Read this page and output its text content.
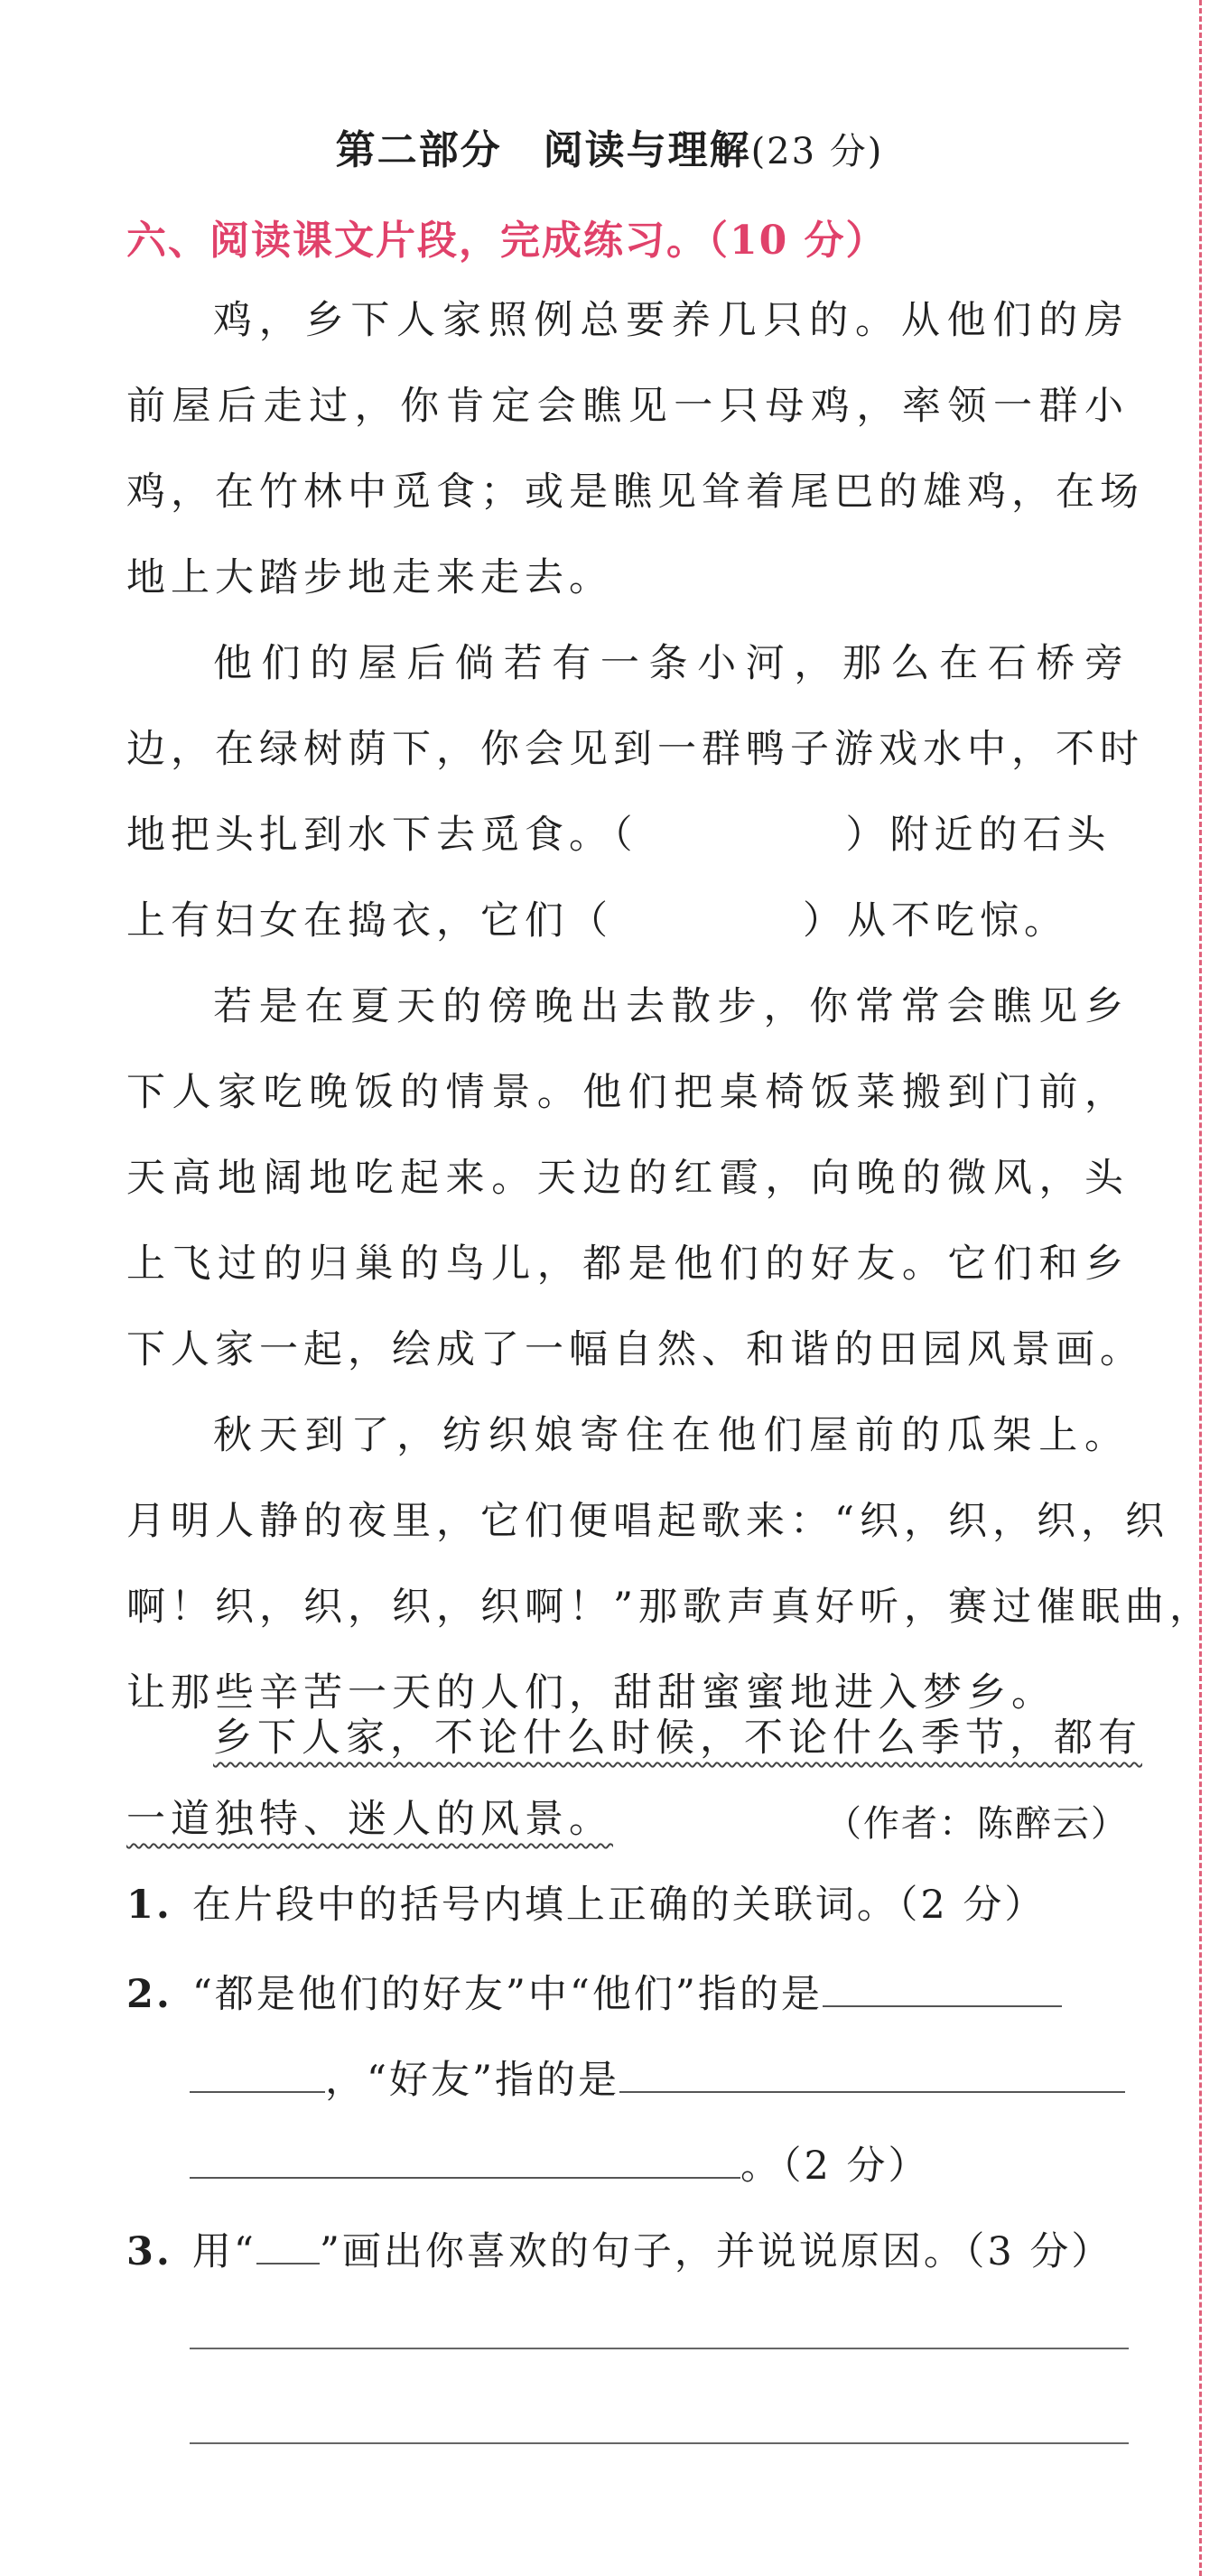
第二部分　阅读与理解(23 分)
六、阅读课文片段，完成练习。（10 分）
鸡，乡下人家照例总要养几只的。从他们的房
前屋后走过，你肯定会瞧见一只母鸡，率领一群小
鸡，在竹林中觅食；或是瞧见耸着尾巴的雄鸡，在场
地上大踏步地走来走去。
他们的屋后倘若有一条小河，那么在石桥旁
边，在绿树荫下，你会见到一群鸭子游戏水中，不时
地把头扎到水下去觅食。（	）附近的石头
上有妇女在捣衣，它们（	）从不吃惊。
若是在夏天的傍晚出去散步，你常常会瞧见乡
下人家吃晚饭的情景。他们把桌椅饭菜搬到门前，
天高地阔地吃起来。天边的红霞，向晚的微风，头
上飞过的归巢的鸟儿，都是他们的好友。它们和乡
下人家一起，绘成了一幅自然、和谐的田园风景画。
秋天到了，纺织娘寄住在他们屋前的瓜架上。
月明人静的夜里，它们便唱起歌来：“织，织，织，织
啊！织，织，织，织啊！”那歌声真好听，赛过催眠曲，
让那些辛苦一天的人们，甜甜蜜蜜地进入梦乡。
乡下人家，不论什么时候，不论什么季节，都有
一道独特、迷人的风景。	（作者：陈醉云）
1. 在片段中的括号内填上正确的关联词。（2 分）
2. “都是他们的好友”中“他们”指的是
，“好友”指的是
。（2 分）
3. 用“ ”画出你喜欢的句子，并说说原因。（3 分）
